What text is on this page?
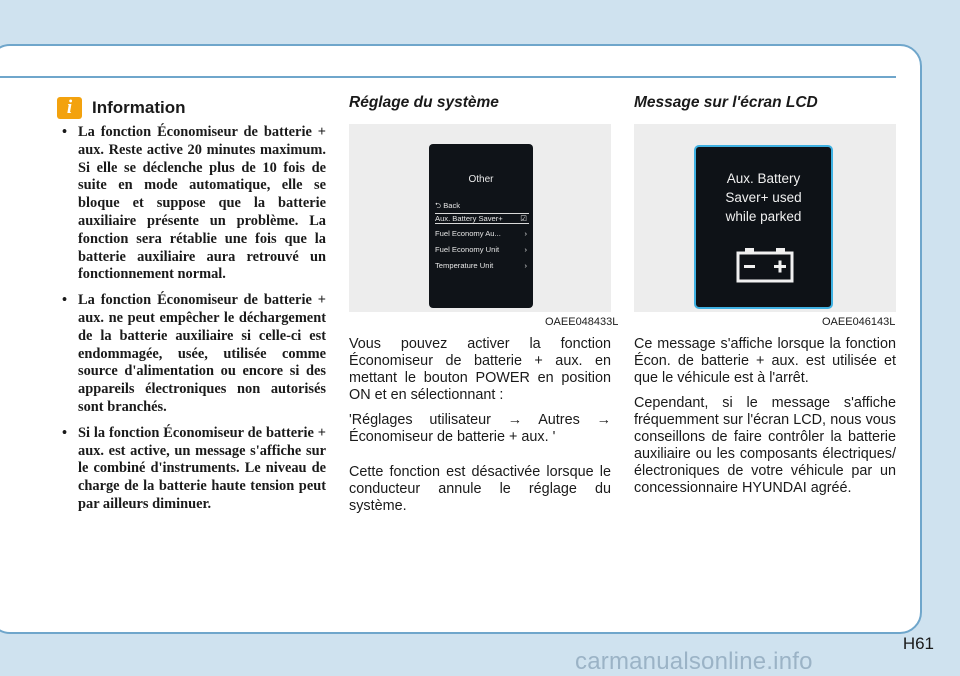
i	Information
• La fonction Économiseur de batterie + aux. Reste active 20 minutes maximum. Si elle se déclenche plus de 10 fois de suite en mode automatique, elle se bloque et suppose que la batterie auxiliaire présente un problème. La fonction sera rétablie une fois que la batterie auxiliaire aura retrouvé un fonctionnement normal.
• La fonction Économiseur de batterie + aux. ne peut empêcher le déchargement de la batterie auxiliaire si celle-ci est endommagée, usée, utilisée comme source d'alimentation ou encore si des appareils électroniques non autorisés sont branchés.
• Si la fonction Économiseur de batterie + aux. est active, un message s'affiche sur le combiné d'instruments. Le niveau de charge de la batterie haute tension peut par ailleurs diminuer.
Réglage du système
Other
⮌ Back
Aux. Battery Saver+ ☑
Fuel Economy Au...	›
Fuel Economy Unit	›
Temperature Unit	›
OAEE048433L

Vous pouvez activer la fonction Économiseur de batterie + aux. en mettant le bouton POWER en position ON et en sélectionnant :

'Réglages utilisateur → Autres → Économiseur de batterie + aux. '

Cette fonction est désactivée lorsque le conducteur annule le réglage du système.

Message sur l'écran LCD
Aux. Battery
Saver+ used
while parked
OAEE046143L

Ce message s'affiche lorsque la fonction Écon. de batterie + aux. est utilisée et que le véhicule est à l'arrêt.

Cependant, si le message s'affiche fréquemment sur l'écran LCD, nous vous conseillons de faire contrôler la batterie auxiliaire ou les composants électriques/électroniques de votre véhicule par un concessionnaire HYUNDAI agréé.

H61
carmanualsonline.info
